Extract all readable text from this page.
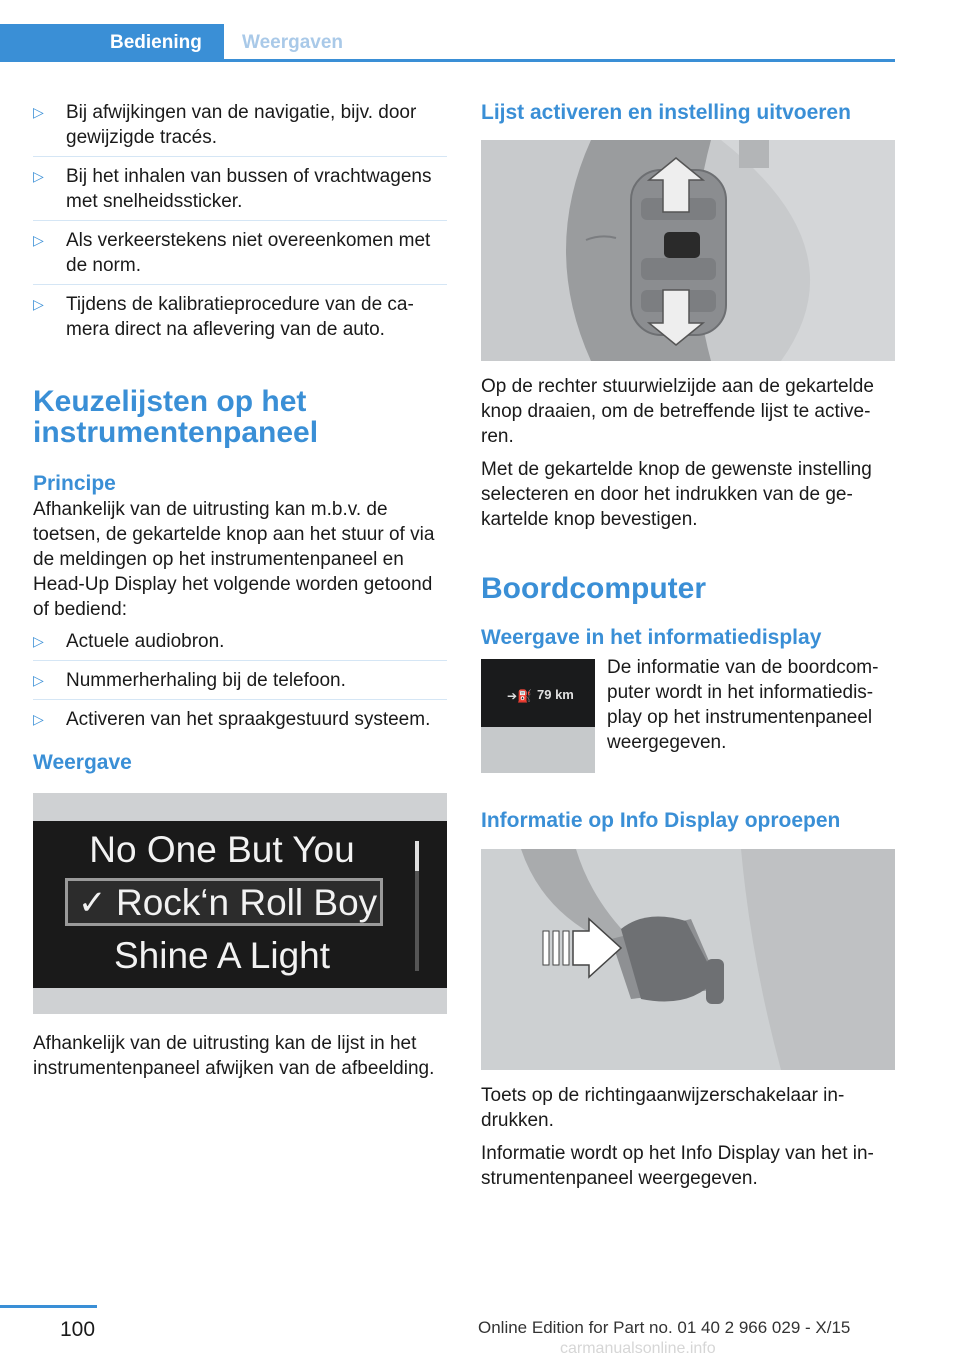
Bediening	Weergaven
▷ Bij afwijkingen van de navigatie, bijv. door gewijzigde tracés.
▷ Bij het inhalen van bussen of vrachtwagens met snelheidssticker.
▷ Als verkeerstekens niet overeenkomen met de norm.
▷ Tijdens de kalibratieprocedure van de camera direct na aflevering van de auto.
Keuzelijsten op het instrumentenpaneel
Principe

Afhankelijk van de uitrusting kan m.b.v. de toetsen, de gekartelde knop aan het stuur of via de meldingen op het instrumentenpaneel en Head-Up Display het volgende worden getoond of bediend:

▷ Actuele audiobron.
▷ Nummerherhaling bij de telefoon.
▷ Activeren van het spraakgestuurd systeem.
Weergave
No One But You
✓ Rock‘n Roll Boy
Shine A Light

Afhankelijk van de uitrusting kan de lijst in het instrumentenpaneel afwijken van de afbeelding.

Lijst activeren en instelling uitvoeren

Op de rechter stuurwielzijde aan de gekartelde knop draaien, om de betreffende lijst te activeren.

Met de gekartelde knop de gewenste instelling selecteren en door het indrukken van de gekartelde knop bevestigen.

Boordcomputer
Weergave in het informatiedisplay
➔⛽ 79 km

De informatie van de boordcomputer wordt in het informatiedisplay op het instrumentenpaneel weergegeven.

Informatie op Info Display oproepen

Toets op de richtingaanwijzerschakelaar indrukken.

Informatie wordt op het Info Display van het instrumentenpaneel weergegeven.

100	Online Edition for Part no. 01 40 2 966 029 - X/15
carmanualsonline.info
